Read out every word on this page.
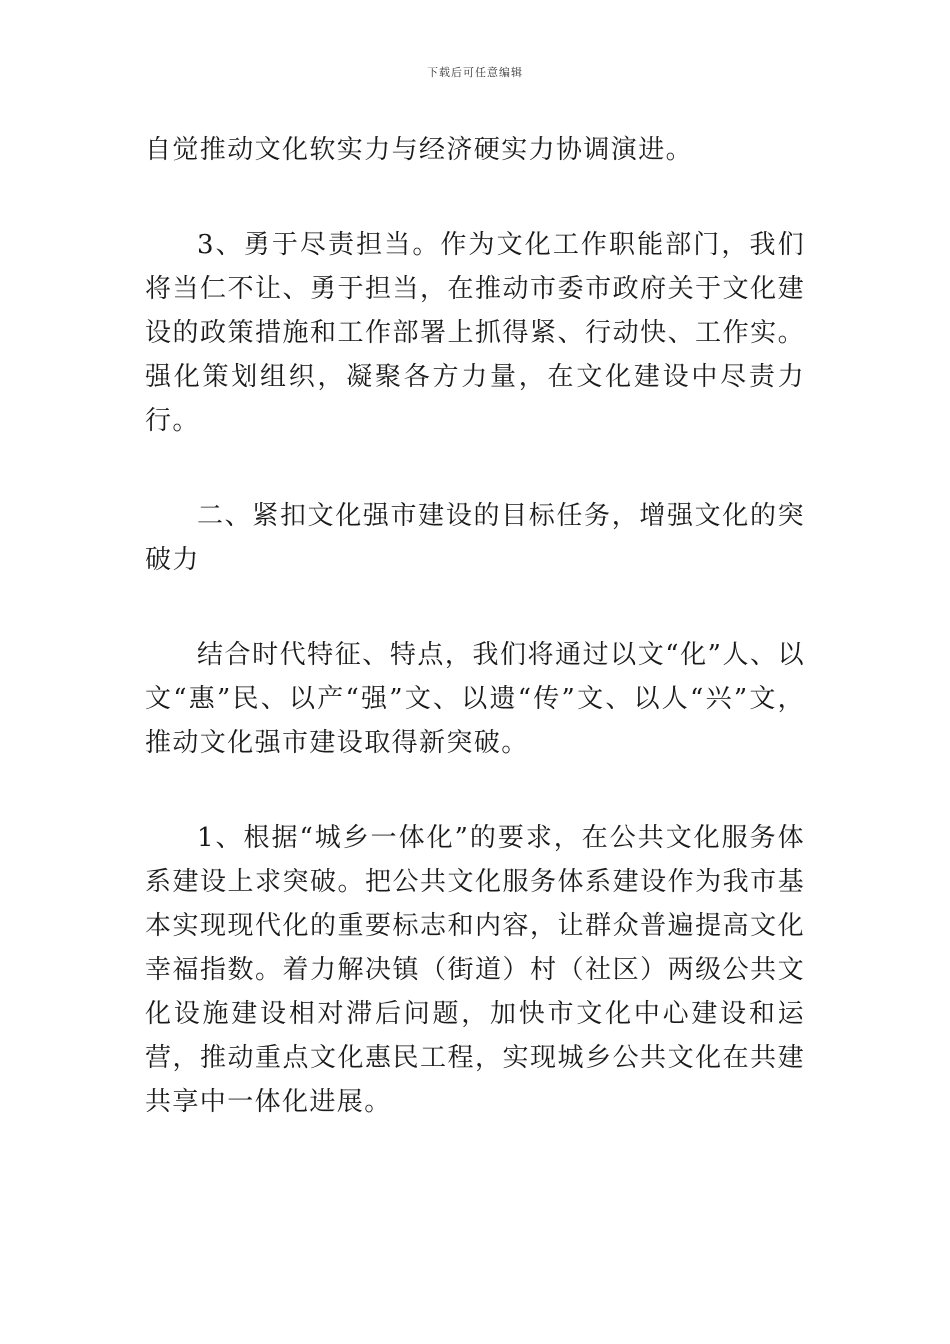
下载后可任意编辑

自觉推动文化软实力与经济硬实力协调演进。

3、勇于尽责担当。作为文化工作职能部门，我们将当仁不让、勇于担当，在推动市委市政府关于文化建设的政策措施和工作部署上抓得紧、行动快、工作实。强化策划组织，凝聚各方力量，在文化建设中尽责力行。

二、紧扣文化强市建设的目标任务，增强文化的突破力

结合时代特征、特点，我们将通过以文“化”人、以文“惠”民、以产“强”文、以遗“传”文、以人“兴”文，推动文化强市建设取得新突破。

1、根据“城乡一体化”的要求，在公共文化服务体系建设上求突破。把公共文化服务体系建设作为我市基本实现现代化的重要标志和内容，让群众普遍提高文化幸福指数。着力解决镇（街道）村（社区）两级公共文化设施建设相对滞后问题，加快市文化中心建设和运营，推动重点文化惠民工程，实现城乡公共文化在共建共享中一体化进展。
